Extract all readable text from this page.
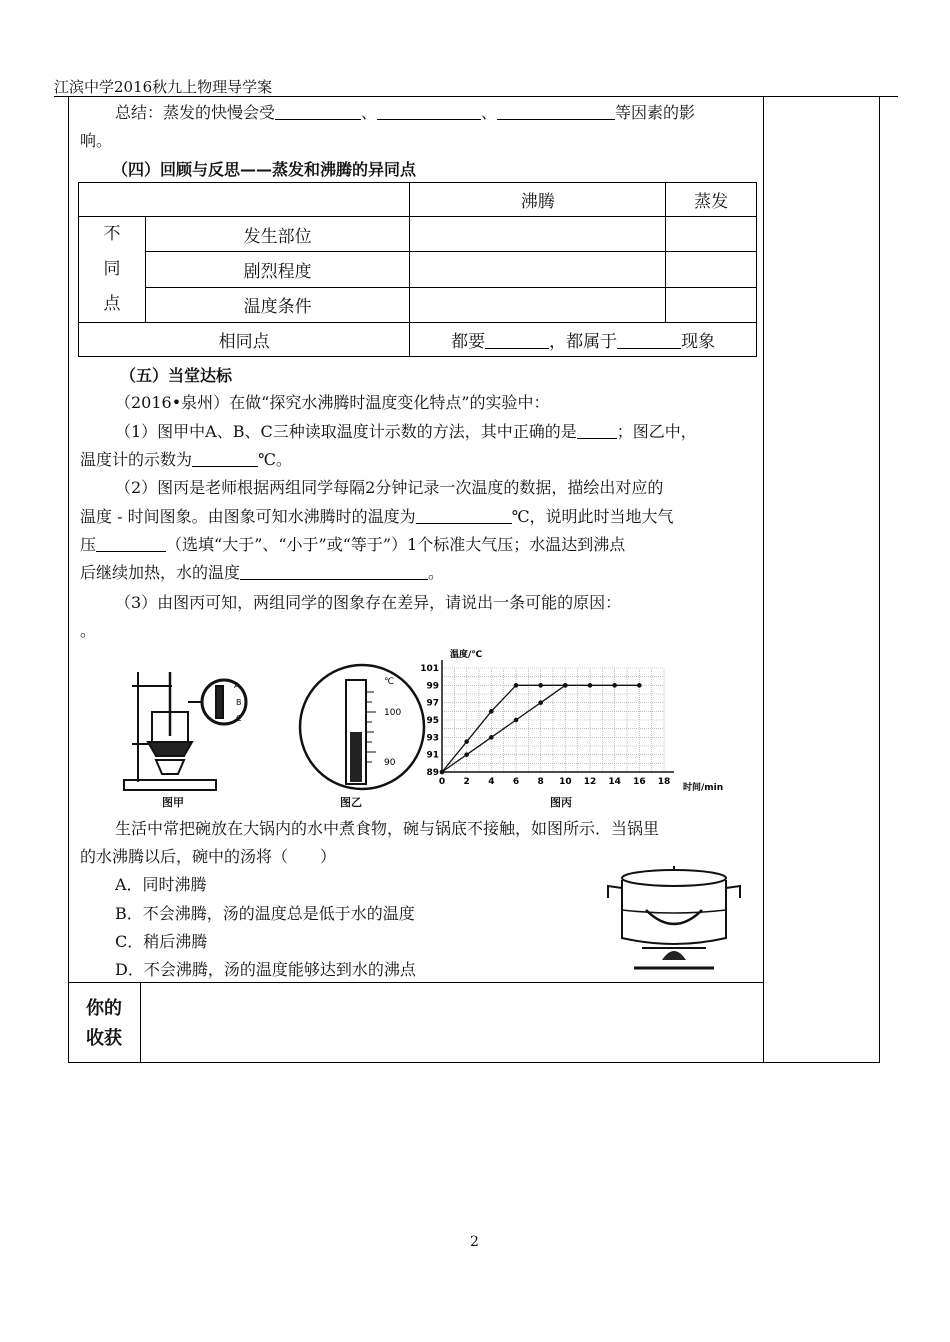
江滨中学2016秋九上物理导学案
总结：蒸发的快慢会受	、	、	等因素的影
响。
（四）回顾与反思——蒸发和沸腾的异同点
		沸腾	蒸发

不
同
点	发生部位		
	剧烈程度		
	温度条件		
相同点		都要 ，都属于 现象	
（五）当堂达标
（2016•泉州）在做“探究水沸腾时温度变化特点”的实验中：
（1）图甲中A、B、C三种读取温度计示数的方法，其中正确的是	；图乙中，
温度计的示数为	℃。
（2）图丙是老师根据两组同学每隔2分钟记录一次温度的数据，描绘出对应的
温度 - 时间图象。由图象可知水沸腾时的温度为	℃，说明此时当地大气
压	（选填“大于”、“小于”或“等于”）1个标准大气压；水温达到沸点
后继续加热，水的温度	。
（3）由图丙可知，两组同学的图象存在差异，请说出一条可能的原因：
。
A
B
C
图甲
℃
100
90
图乙
温度/℃
时间/min
0 2 4 6 8 10 12 14 16 18
89
91
93
95
97
99
101
图丙
生活中常把碗放在大锅内的水中煮食物，碗与锅底不接触，如图所示．当锅里
的水沸腾以后，碗中的汤将（　　）
A．同时沸腾
B．不会沸腾，汤的温度总是低于水的温度
C．稍后沸腾
D．不会沸腾，汤的温度能够达到水的沸点
你的
收获
2
